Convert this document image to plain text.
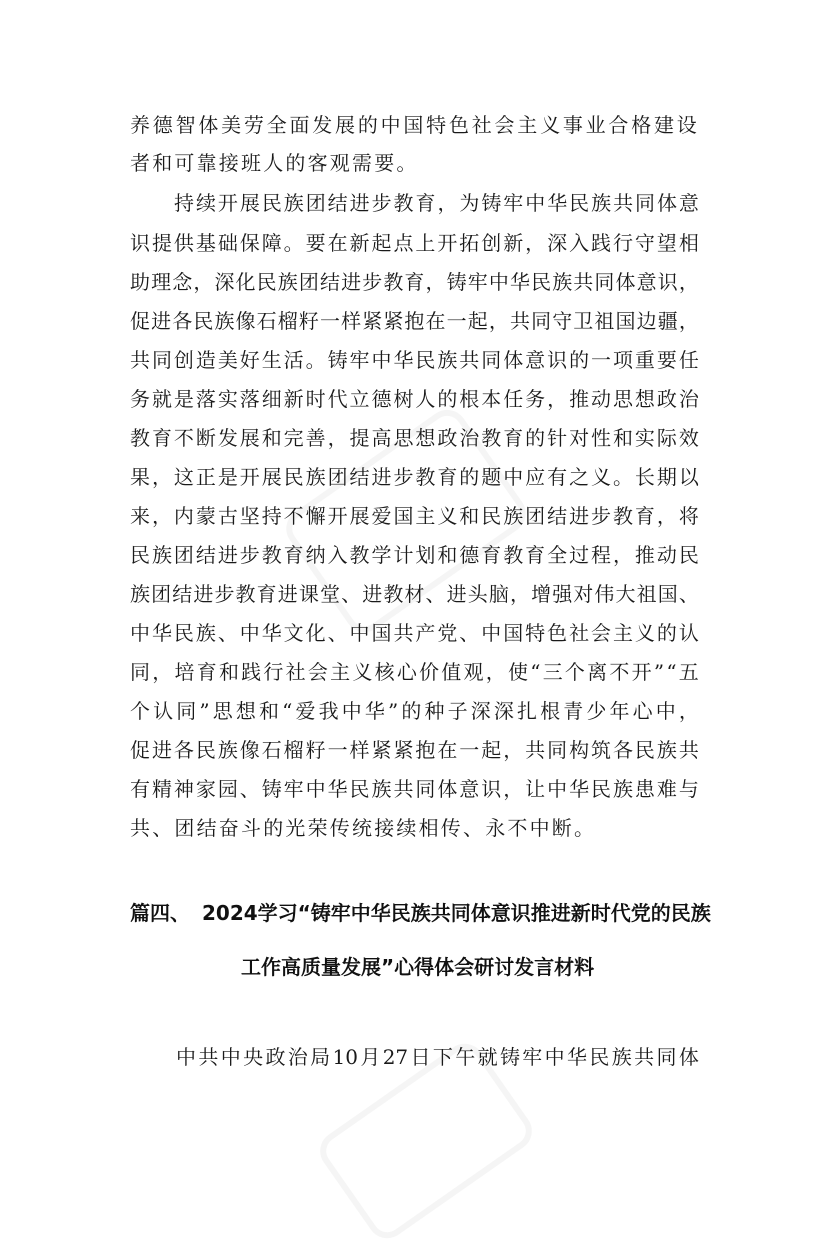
养 德 智 体 美 劳 全 面 发 展 的 中 国 特 色 社 会 主 义 事 业 合 格 建 设
者和可靠接班人的客观需要。
持 续 开 展 民 族 团 结 进 步 教 育 ， 为 铸 牢 中 华 民 族 共 同 体 意
识 提 供 基 础 保 障 。 要 在 新 起 点 上 开 拓 创 新 ， 深 入 践 行 守 望 相
助 理 念 ， 深 化 民 族 团 结 进 步 教 育 ， 铸 牢 中 华 民 族 共 同 体 意 识 ，
促 进 各 民 族 像 石 榴 籽 一 样 紧 紧 抱 在 一 起 ， 共 同 守 卫 祖 国 边 疆 ，
共 同 创 造 美 好 生 活 。 铸 牢 中 华 民 族 共 同 体 意 识 的 一 项 重 要 任
务 就 是 落 实 落 细 新 时 代 立 德 树 人 的 根 本 任 务 ， 推 动 思 想 政 治
教 育 不 断 发 展 和 完 善 ， 提 高 思 想 政 治 教 育 的 针 对 性 和 实 际 效
果 ， 这 正 是 开 展 民 族 团 结 进 步 教 育 的 题 中 应 有 之 义 。 长 期 以
来 ， 内 蒙 古 坚 持 不 懈 开 展 爱 国 主 义 和 民 族 团 结 进 步 教 育 ， 将
民 族 团 结 进 步 教 育 纳 入 教 学 计 划 和 德 育 教 育 全 过 程 ， 推 动 民
族 团 结 进 步 教 育 进 课 堂 、 进 教 材 、 进 头 脑 ， 增 强 对 伟 大 祖 国 、
中 华 民 族 、 中 华 文 化 、 中 国 共 产 党 、 中 国 特 色 社 会 主 义 的 认
同 ， 培 育 和 践 行 社 会 主 义 核 心 价 值 观 ， 使 “ 三 个 离 不 开 ” “ 五
个 认 同 ” 思 想 和 “ 爱 我 中 华 ” 的 种 子 深 深 扎 根 青 少 年 心 中 ，
促 进 各 民 族 像 石 榴 籽 一 样 紧 紧 抱 在 一 起 ， 共 同 构 筑 各 民 族 共
有 精 神 家 园 、 铸 牢 中 华 民 族 共 同 体 意 识 ， 让 中 华 民 族 患 难 与
共、团结奋斗的光荣传统接续相传、永不中断。
篇四、 2024学习“铸牢中华民族共同体意识推进新时代党的民族
工作高质量发展”心得体会研讨发言材料
中 共 中 央 政 治 局 10 月 27 日 下 午 就 铸 牢 中 华 民 族 共 同 体
